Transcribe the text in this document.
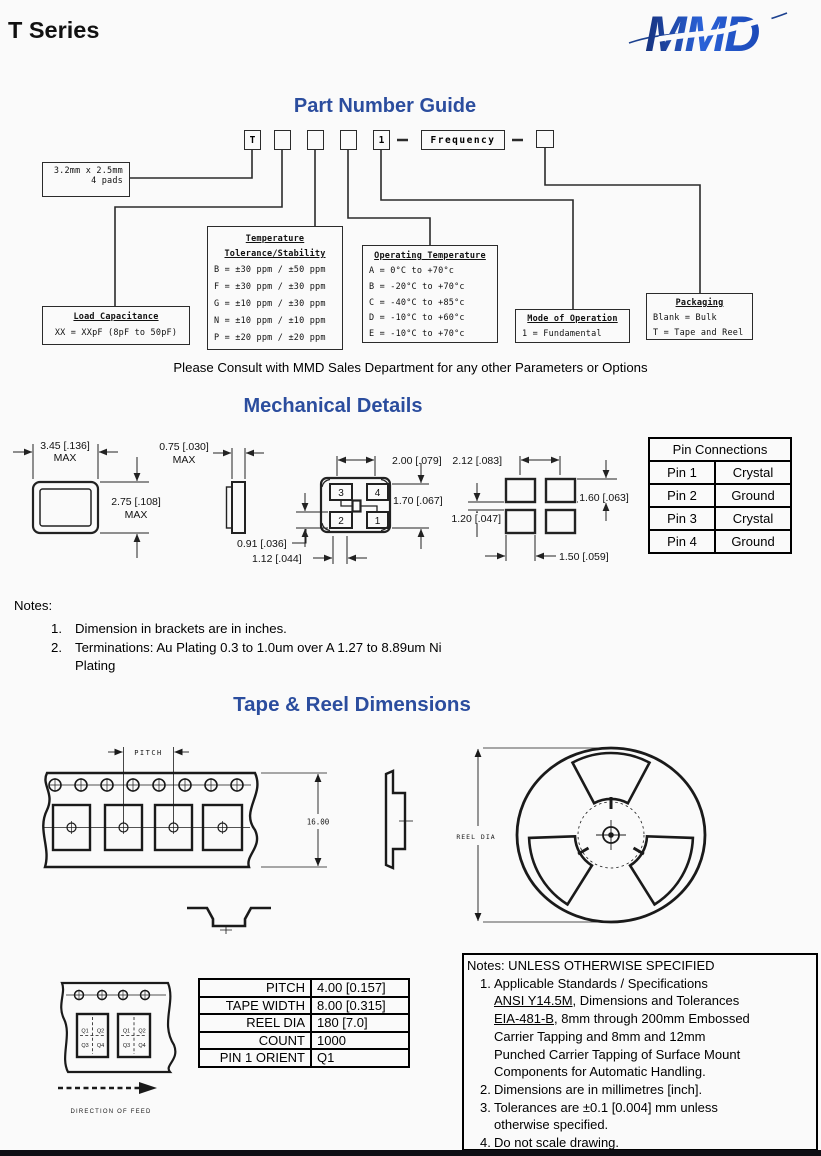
T Series	MMD
Part Number Guide
T	1	Frequency
3.2mm x 2.5mm
4 pads
Load Capacitance
XX = XXpF (8pF to 50pF)
Temperature
Tolerance/Stability
B = ±30 ppm / ±50 ppm
F = ±30 ppm / ±30 ppm
G = ±10 ppm / ±30 ppm
N = ±10 ppm / ±10 ppm
P = ±20 ppm / ±20 ppm
Operating Temperature
A = 0°C to +70°c
B = -20°C to +70°c
C = -40°C to +85°c
D = -10°C to +60°c
E = -10°C to +70°c
Mode of Operation
1 = Fundamental
Packaging
Blank = Bulk
T = Tape and Reel
Please Consult with MMD Sales Department for any other Parameters or Options
Mechanical Details
3.45 [.136]
MAX
2.75 [.108]
MAX
0.75 [.030]
MAX
0.91 [.036]
1.12 [.044]
2.00 [.079]
1.70 [.067]
2.12 [.083]
1.20 [.047]
1.60 [.063]
1.50 [.059]
3	4
2	1
Pin Connections	
Pin 1	Crystal
Pin 2	Ground
Pin 3	Crystal
Pin 4	Ground
Notes:
1. Dimension in brackets are in inches.
2. Terminations: Au Plating 0.3 to 1.0um over A 1.27 to 8.89um Ni
Plating
Tape & Reel Dimensions
PITCH
16.00
REEL DIA
Q1 Q2
Q3 Q4
Q1 Q2
Q3 Q4
DIRECTION OF FEED
PITCH	4.00 [0.157]
TAPE WIDTH	8.00 [0.315]
REEL DIA	180 [7.0]
COUNT	1000
PIN 1 ORIENT	Q1
Notes: UNLESS OTHERWISE SPECIFIED
1. Applicable Standards / Specifications
ANSI Y14.5M, Dimensions and Tolerances
EIA-481-B, 8mm through 200mm Embossed
Carrier Tapping and 8mm and 12mm
Punched Carrier Tapping of Surface Mount
Components for Automatic Handling.
2. Dimensions are in millimetres [inch].
3. Tolerances are ±0.1 [0.004] mm unless
otherwise specified.
4. Do not scale drawing.
